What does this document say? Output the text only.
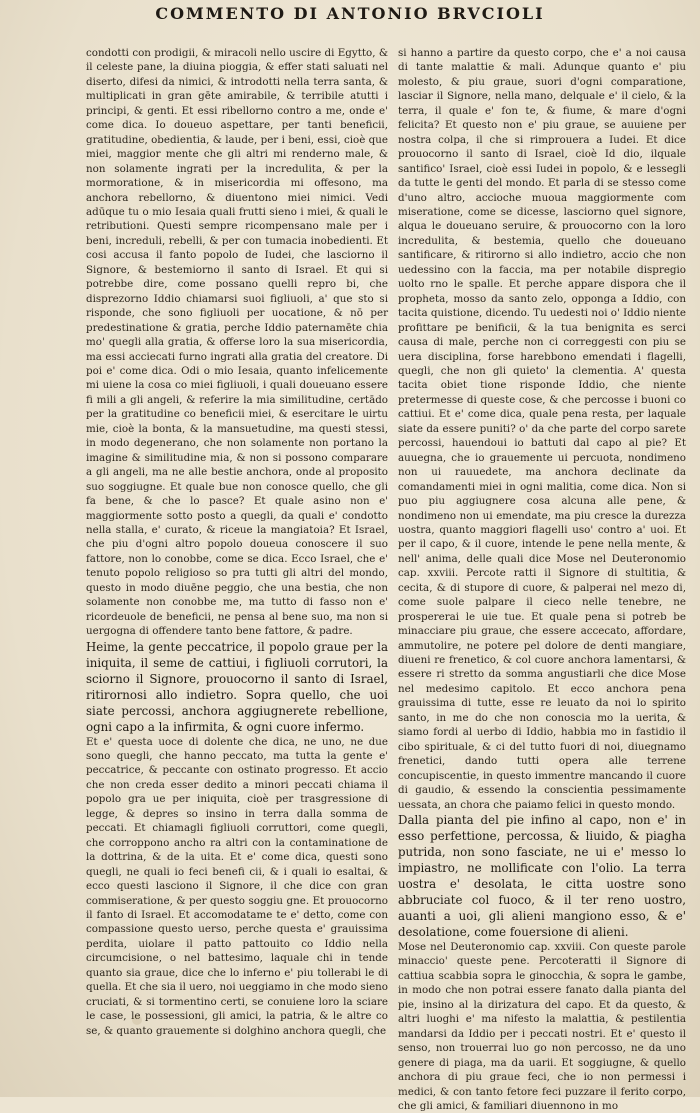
COMMENTO DI ANTONIO BRVCIOLI

condotti con prodigii, & miracoli nello uscire di Egytto, & il celeste pane, la diuina pioggia, & effer stati saluati nel diserto, difesi da nimici, & introdotti nella terra santa, & multiplicati in gran gēte amirabile, & terribile atutti i principi, & genti. Et essi ribellorno contro a me, onde e' come dica. Io doueuo aspettare, per tanti beneficii, gratitudine, obedientia, & laude, per i beni, essi, cioè que miei, maggior mente che gli altri mi renderno male, & non solamente ingrati per la incredulita, & per la mormoratione, & in misericordia mi offesono, ma anchora rebellorno, & diuentono miei nimici. Vedi adūque tu o mio Iesaia quali frutti sieno i miei, & quali le retributioni. Questi sempre ricompensano male per i beni, increduli, rebelli, & per con tumacia inobedienti. Et cosi accusa il fanto popolo de Iudei, che lasciorno il Signore, & bestemiorno il santo di Israel. Et qui si potrebbe dire, come possano quelli repro bi, che disprezorno Iddio chiamarsi suoi figliuoli, a' que sto si risponde, che sono figliuoli per uocatione, & nō per predestinatione & gratia, perche Iddio paternamēte chia mo' quegli alla gratia, & offerse loro la sua misericordia, ma essi acciecati furno ingrati alla gratia del creatore. Di poi e' come dica. Odi o mio Iesaia, quanto infelicemente mi uiene la cosa co miei figliuoli, i quali doueuano essere fi mili a gli angeli, & referire la mia similitudine, certādo per la gratitudine co beneficii miei, & esercitare le uirtu mie, cioè la bonta, & la mansuetudine, ma questi stessi, in modo degenerano, che non solamente non portano la imagine & similitudine mia, & non si possono comparare a gli angeli, ma ne alle bestie anchora, onde al proposito suo soggiugne. Et quale bue non conosce quello, che gli fa bene, & che lo pasce? Et quale asino non e' maggiormente sotto posto a quegli, da quali e' condotto nella stalla, e' curato, & riceue la mangiatoia? Et Israel, che piu d'ogni altro popolo doueua conoscere il suo fattore, non lo conobbe, come se dica. Ecco Israel, che e' tenuto popolo religioso so pra tutti gli altri del mondo, questo in modo diuēne peggio, che una bestia, che non solamente non conobbe me, ma tutto di fasso non e' ricordeuole de beneficii, ne pensa al bene suo, ma non si uergogna di offendere tanto bene fattore, & padre.

Heime, la gente peccatrice, il popolo graue per la iniquita, il seme de cattiui, i figliuoli corrutori, la sciorno il Signore, prouocorno il santo di Israel, ritirornosi allo indietro. Sopra quello, che uoi siate percossi, anchora aggiugnerete rebellione, ogni capo a la infirmita, & ogni cuore infermo.

Et e' questa uoce di dolente che dica, ne uno, ne due sono quegli, che hanno peccato, ma tutta la gente e' peccatrice, & peccante con ostinato progresso. Et accio che non creda esser dedito a minori peccati chiama il popolo gra ue per iniquita, cioè per trasgressione di legge, & depres so insino in terra dalla somma de peccati. Et chiamagli figliuoli corruttori, come quegli, che corroppono ancho ra altri con la contaminatione de la dottrina, & de la uita. Et e' come dica, questi sono quegli, ne quali io feci benefi cii, & i quali io esaltai, & ecco questi lasciono il Signore, il che dice con gran commiseratione, & per questo soggiu gne. Et prouocorno il fanto di Israel. Et accomodatame te e' detto, come con compassione questo uerso, perche questa e' grauissima perdita, uiolare il patto pattouito co Iddio nella circumcisione, o nel battesimo, laquale chi in tende quanto sia graue, dice che lo inferno e' piu tollerabi le di quella. Et che sia il uero, noi ueggiamo in che modo sieno cruciati, & si tormentino certi, se conuiene loro la sciare le case, le possessioni, gli amici, la patria, & le altre co se, & quanto grauemente si dolghino anchora quegli, che

si hanno a partire da questo corpo, che e' a noi causa di tante malattie & mali. Adunque quanto e' piu molesto, & piu graue, suori d'ogni comparatione, lasciar il Signore, nella mano, delquale e' il cielo, & la terra, il quale e' fon te, & fiume, & mare d'ogni felicita? Et questo non e' piu graue, se auuiene per nostra colpa, il che si rimprouera a Iudei. Et dice prouocorno il santo di Israel, cioè Id dio, ilquale santifico' Israel, cioè essi Iudei in popolo, & e lessegli da tutte le genti del mondo. Et parla di se stesso come d'uno altro, accioche muoua maggiormente com miseratione, come se dicesse, lasciorno quel signore, alqua le doueuano seruire, & prouocorno con la loro incredulita, & bestemia, quello che doueuano santificare, & ritirorno si allo indietro, accio che non uedessino con la faccia, ma per notabile dispregio uolto rno le spalle. Et perche appare dispora che il propheta, mosso da santo zelo, opponga a Iddio, con tacita quistione, dicendo. Tu uedesti noi o' Iddio niente profittare pe benificii, & la tua benignita es serci causa di male, perche non ci correggesti con piu se uera disciplina, forse harebbono emendati i flagelli, quegli, che non gli quieto' la clementia. A' questa tacita obiet tione risponde Iddio, che niente pretermesse di queste cose, & che percosse i buoni co cattiui. Et e' come dica, quale pena resta, per laquale siate da essere puniti? o' da che parte del corpo sarete percossi, hauendoui io battuti dal capo al pie? Et auuegna, che io grauemente ui percuota, nondimeno non ui rauuedete, ma anchora declinate da comandamenti miei in ogni malitia, come dica. Non si puo piu aggiugnere cosa alcuna alle pene, & nondimeno non ui emendate, ma piu cresce la durezza uostra, quanto maggiori flagelli uso' contro a' uoi. Et per il capo, & il cuore, intende le pene nella mente, & nell' anima, delle quali dice Mose nel Deuteronomio cap. xxviii. Percote ratti il Signore di stultitia, & cecita, & di stupore di cuore, & palperai nel mezo di, come suole palpare il cieco nelle tenebre, ne prospererai le uie tue. Et quale pena si potreb be minacciare piu graue, che essere accecato, affordare, ammutolire, ne potere pel dolore de denti mangiare, diueni re frenetico, & col cuore anchora lamentarsi, & essere ri stretto da somma angustiarli che dice Mose nel medesimo capitolo. Et ecco anchora pena grauissima di tutte, esse re leuato da noi lo spirito santo, in me do che non conoscia mo la uerita, & siamo fordi al uerbo di Iddio, habbia mo in fastidio il cibo spirituale, & ci del tutto fuori di noi, diuegnamo frenetici, dando tutti opera alle terrene concupiscentie, in questo immentre mancando il cuore di gaudio, & essendo la conscientia pessimamente uessata, an chora che paiamo felici in questo mondo.

Dalla pianta del pie infino al capo, non e' in esso perfettione, percossa, & liuido, & piagha putrida, non sono fasciate, ne ui e' messo lo impiastro, ne mollificate con l'olio. La terra uostra e' desolata, le citta uostre sono abbruciate col fuoco, & il ter reno uostro, auanti a uoi, gli alieni mangiono esso, & e' desolatione, come fouersione di alieni.

Mose nel Deuteronomio cap. xxviii. Con queste parole minaccio' queste pene. Percoteratti il Signore di cattiua scabbia sopra le ginocchia, & sopra le gambe, in modo che non potrai essere fanato dalla pianta del pie, insino al la dirizatura del capo. Et da questo, & altri luoghi e' ma nifesto la malattia, & pestilentia mandarsi da Iddio per i peccati nostri. Et e' questo il senso, non trouerrai luo go non percosso, ne da uno genere di piaga, ma da uarii. Et soggiugne, & quello anchora di piu graue feci, che io non permessi i medici, & con tanto fetore feci puzzare il ferito corpo, che gli amici, & familiari diuennono in mo
